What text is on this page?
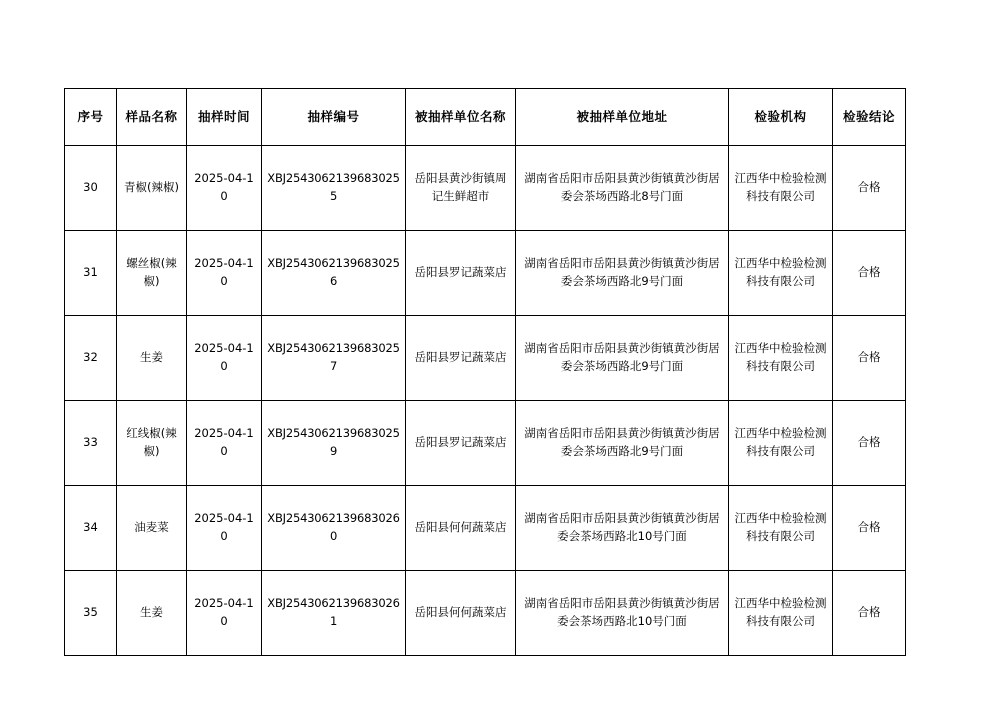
序号	样品名称	抽样时间	抽样编号	被抽样单位名称	被抽样单位地址	检验机构	检验结论
30	青椒(辣椒)	2025-04-10	XBJ25430621396830255	岳阳县黄沙街镇周记生鲜超市	湖南省岳阳市岳阳县黄沙街镇黄沙街居委会茶场西路北8号门面	江西华中检验检测科技有限公司	合格
31	螺丝椒(辣椒)	2025-04-10	XBJ25430621396830256	岳阳县罗记蔬菜店	湖南省岳阳市岳阳县黄沙街镇黄沙街居委会茶场西路北9号门面	江西华中检验检测科技有限公司	合格
32	生姜	2025-04-10	XBJ25430621396830257	岳阳县罗记蔬菜店	湖南省岳阳市岳阳县黄沙街镇黄沙街居委会茶场西路北9号门面	江西华中检验检测科技有限公司	合格
33	红线椒(辣椒)	2025-04-10	XBJ25430621396830259	岳阳县罗记蔬菜店	湖南省岳阳市岳阳县黄沙街镇黄沙街居委会茶场西路北9号门面	江西华中检验检测科技有限公司	合格
34	油麦菜	2025-04-10	XBJ25430621396830260	岳阳县何何蔬菜店	湖南省岳阳市岳阳县黄沙街镇黄沙街居委会茶场西路北10号门面	江西华中检验检测科技有限公司	合格
35	生姜	2025-04-10	XBJ25430621396830261	岳阳县何何蔬菜店	湖南省岳阳市岳阳县黄沙街镇黄沙街居委会茶场西路北10号门面	江西华中检验检测科技有限公司	合格
